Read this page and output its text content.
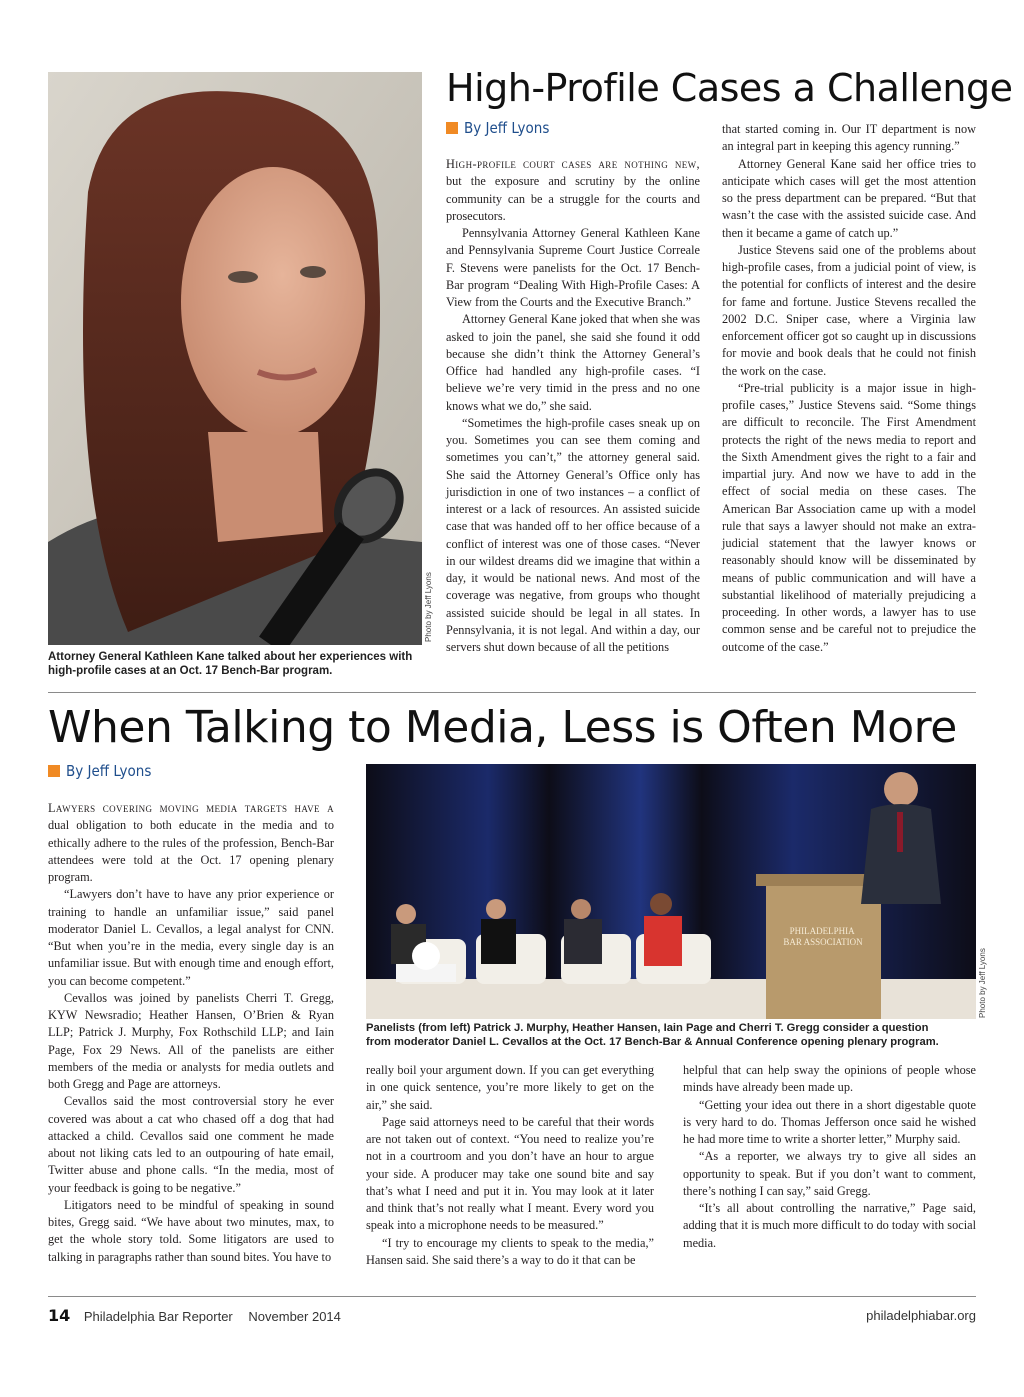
Photo by Jeff Lyons
Attorney General Kathleen Kane talked about her experiences with
high-profile cases at an Oct. 17 Bench-Bar program.
High-Profile Cases a Challenge
By Jeff Lyons

High-profile court cases are nothing new, but the exposure and scrutiny by the online community can be a struggle for the courts and prosecutors.

Pennsylvania Attorney General Kathleen Kane and Pennsylvania Supreme Court Justice Correale F. Stevens were panelists for the Oct. 17 Bench-Bar program “Dealing With High-Profile Cases: A View from the Courts and the Executive Branch.”

Attorney General Kane joked that when she was asked to join the panel, she said she found it odd because she didn’t think the Attorney General’s Office had handled any high-profile cases. “I believe we’re very timid in the press and no one knows what we do,” she said.

“Sometimes the high-profile cases sneak up on you. Sometimes you can see them coming and sometimes you can’t,” the attorney general said. She said the Attorney General’s Office only has jurisdiction in one of two instances – a conflict of interest or a lack of resources. An assisted suicide case that was handed off to her office because of a conflict of interest was one of those cases. “Never in our wildest dreams did we imagine that within a day, it would be national news. And most of the coverage was negative, from groups who thought assisted suicide should be legal in all states. In Pennsylvania, it is not legal. And within a day, our servers shut down because of all the petitions

that started coming in. Our IT department is now an integral part in keeping this agency running.”

Attorney General Kane said her office tries to anticipate which cases will get the most attention so the press department can be prepared. “But that wasn’t the case with the assisted suicide case. And then it became a game of catch up.”

Justice Stevens said one of the problems about high-profile cases, from a judicial point of view, is the potential for conflicts of interest and the desire for fame and fortune. Justice Stevens recalled the 2002 D.C. Sniper case, where a Virginia law enforcement officer got so caught up in discussions for movie and book deals that he could not finish the work on the case.

“Pre-trial publicity is a major issue in high-profile cases,” Justice Stevens said. “Some things are difficult to reconcile. The First Amendment protects the right of the news media to report and the Sixth Amendment gives the right to a fair and impartial jury. And now we have to add in the effect of social media on these cases. The American Bar Association came up with a model rule that says a lawyer should not make an extra-judicial statement that the lawyer knows or reasonably should know will be disseminated by means of public communication and will have a substantial likelihood of materially prejudicing a proceeding. In other words, a lawyer has to use common sense and be careful not to prejudice the outcome of the case.”

When Talking to Media, Less is Often More
By Jeff Lyons
PHILADELPHIA BAR ASSOCIATION
Photo by Jeff Lyons
Panelists (from left) Patrick J. Murphy, Heather Hansen, Iain Page and Cherri T. Gregg consider a question
from moderator Daniel L. Cevallos at the Oct. 17 Bench-Bar & Annual Conference opening plenary program.

Lawyers covering moving media targets have a dual obligation to both educate in the media and to ethically adhere to the rules of the profession, Bench-Bar attendees were told at the Oct. 17 opening plenary program.

“Lawyers don’t have to have any prior experience or training to handle an unfamiliar issue,” said panel moderator Daniel L. Cevallos, a legal analyst for CNN. “But when you’re in the media, every single day is an unfamiliar issue. But with enough time and enough effort, you can become competent.”

Cevallos was joined by panelists Cherri T. Gregg, KYW Newsradio; Heather Hansen, O’Brien & Ryan LLP; Patrick J. Murphy, Fox Rothschild LLP; and Iain Page, Fox 29 News. All of the panelists are either members of the media or analysts for media outlets and both Gregg and Page are attorneys.

Cevallos said the most controversial story he ever covered was about a cat who chased off a dog that had attacked a child. Cevallos said one comment he made about not liking cats led to an outpouring of hate email, Twitter abuse and phone calls. “In the media, most of your feedback is going to be negative.”

Litigators need to be mindful of speaking in sound bites, Gregg said. “We have about two minutes, max, to get the whole story told. Some litigators are used to talking in paragraphs rather than sound bites. You have to

really boil your argument down. If you can get everything in one quick sentence, you’re more likely to get on the air,” she said.

Page said attorneys need to be careful that their words are not taken out of context. “You need to realize you’re not in a courtroom and you don’t have an hour to argue your side. A producer may take one sound bite and say that’s what I need and put it in. You may look at it later and think that’s not really what I meant. Every word you speak into a microphone needs to be measured.”

“I try to encourage my clients to speak to the media,” Hansen said. She said there’s a way to do it that can be

helpful that can help sway the opinions of people whose minds have already been made up.

“Getting your idea out there in a short digestable quote is very hard to do. Thomas Jefferson once said he wished he had more time to write a shorter letter,” Murphy said.

“As a reporter, we always try to give all sides an opportunity to speak. But if you don’t want to comment, there’s nothing I can say,” said Gregg.

“It’s all about controlling the narrative,” Page said, adding that it is much more difficult to do today with social media.

14 Philadelphia Bar Reporter November 2014	philadelphiabar.org
